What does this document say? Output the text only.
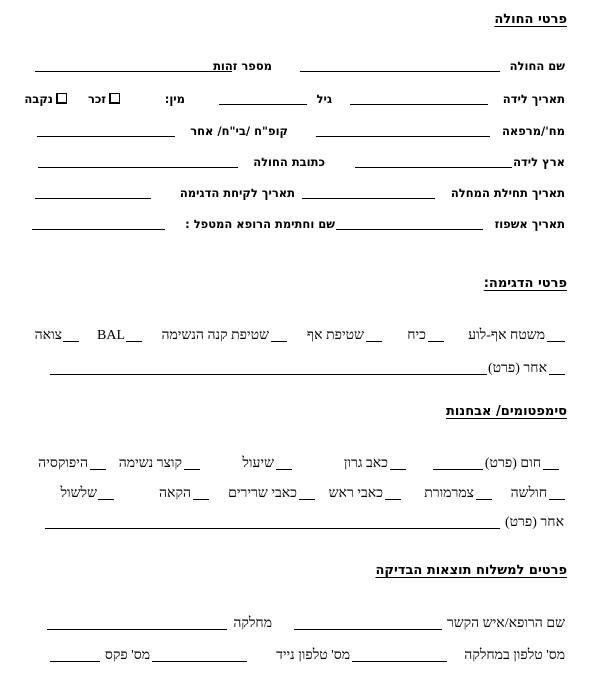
פרטי החולה
שם החולה
מספר זהות
תאריך לידה
גיל
מין:
זכר
נקבה
מח'/מרפאה
קופ"ח /בי"ח/ אחר
ארץ לידה
כתובת החולה
תאריך תחילת המחלה
תאריך לקיחת הדגימה
תאריך אשפוז
שם וחתימת הרופא המטפל :
פרטי הדגימה:
משטח אף-לוע
כיח
שטיפת אף
שטיפת קנה הנשימה
BAL
צואה
אחר (פרט)
סימפטומים/ אבחנות
חום (פרט)
כאב גרון
שיעול
קוצר נשימה
היפוקסיה
חולשה
צמרמורת
כאבי ראש
כאבי שרירים
הקאה
שלשול
אחר (פרט)
פרטים למשלוח תוצאות הבדיקה
שם הרופא/איש הקשר
מחלקה
מס' טלפון במחלקה
מס' טלפון נייד
מס' פקס
